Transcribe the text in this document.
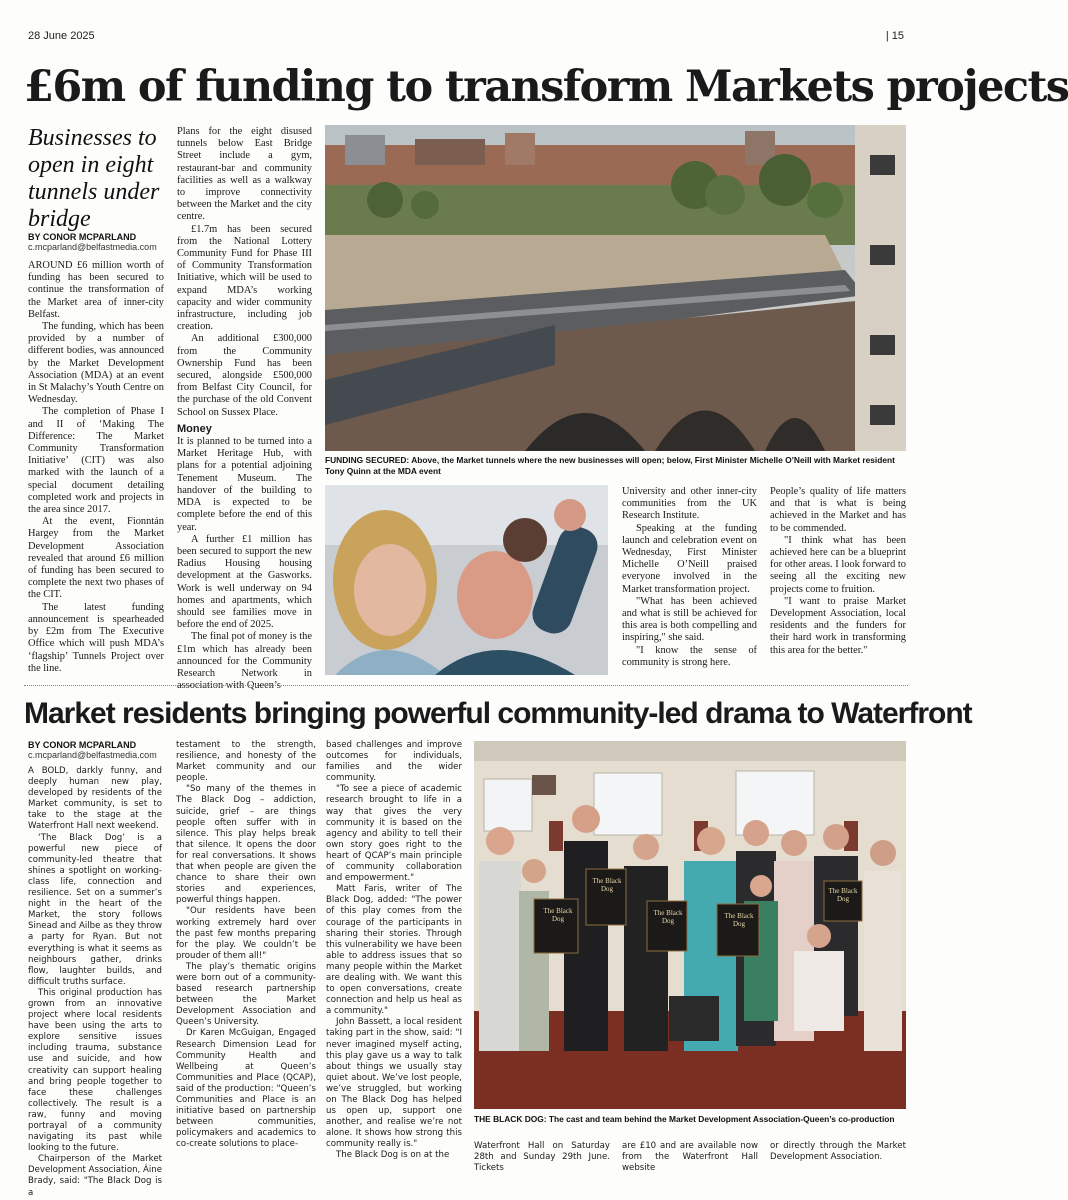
28 June 2025	| 15
£6m of funding to transform Markets projects
Businesses to open in eight tunnels under bridge
BY CONOR MCPARLAND
c.mcparland@belfastmedia.com

AROUND £6 million worth of funding has been secured to continue the transformation of the Market area of inner-city Belfast.

The funding, which has been provided by a number of different bodies, was announced by the Market Development Association (MDA) at an event in St Malachy’s Youth Centre on Wednesday.

The completion of Phase I and II of ‘Making The Difference: The Market Community Transformation Initiative’ (CIT) was also marked with the launch of a special document detailing completed work and projects in the area since 2017.

At the event, Fionntán Hargey from the Market Development Association revealed that around £6 million of funding has been secured to complete the next two phases of the CIT.

The latest funding announcement is spearheaded by £2m from The Executive Office which will push MDA’s ‘flagship’ Tunnels Project over the line.

Plans for the eight disused tunnels below East Bridge Street include a gym, restaurant-bar and community facilities as well as a walkway to improve connectivity between the Market and the city centre.

£1.7m has been secured from the National Lottery Community Fund for Phase III of Community Transformation Initiative, which will be used to expand MDA’s working capacity and wider community infrastructure, including job creation.

An additional £300,000 from the Community Ownership Fund has been secured, alongside £500,000 from Belfast City Council, for the purchase of the old Convent School on Sussex Place.

Money

It is planned to be turned into a Market Heritage Hub, with plans for a potential adjoining Tenement Museum. The handover of the building to MDA is expected to be complete before the end of this year.

A further £1 million has been secured to support the new Radius Housing housing development at the Gasworks. Work is well underway on 94 homes and apartments, which should see families move in before the end of 2025.

The final pot of money is the £1m which has already been announced for the Community Research Network in association with Queen’s

FUNDING SECURED: Above, the Market tunnels where the new businesses will open; below, First Minister Michelle O’Neill with Market resident Tony Quinn at the MDA event

University and other inner-city communities from the UK Research Institute.

Speaking at the funding launch and celebration event on Wednesday, First Minister Michelle O’Neill praised everyone involved in the Market transformation project.

"What has been achieved and what is still be achieved for this area is both compelling and inspiring," she said.

"I know the sense of community is strong here.

People’s quality of life matters and that is what is being achieved in the Market and has to be commended.

"I think what has been achieved here can be a blueprint for other areas. I look forward to seeing all the exciting new projects come to fruition.

"I want to praise Market Development Association, local residents and the funders for their hard work in transforming this area for the better."

Market residents bringing powerful community-led drama to Waterfront
BY CONOR MCPARLAND
c.mcparland@belfastmedia.com

A BOLD, darkly funny, and deeply human new play, developed by residents of the Market community, is set to take to the stage at the Waterfront Hall next weekend.

‘The Black Dog’ is a powerful new piece of community-led theatre that shines a spotlight on working-class life, connection and resilience. Set on a summer’s night in the heart of the Market, the story follows Sinead and Ailbe as they throw a party for Ryan. But not everything is what it seems as neighbours gather, drinks flow, laughter builds, and difficult truths surface.

This original production has grown from an innovative project where local residents have been using the arts to explore sensitive issues including trauma, substance use and suicide, and how creativity can support healing and bring people together to face these challenges collectively. The result is a raw, funny and moving portrayal of a community navigating its past while looking to the future.

Chairperson of the Market Development Association, Áine Brady, said: "The Black Dog is a

testament to the strength, resilience, and honesty of the Market community and our people.

"So many of the themes in The Black Dog – addiction, suicide, grief – are things people often suffer with in silence. This play helps break that silence. It opens the door for real conversations. It shows that when people are given the chance to share their own stories and experiences, powerful things happen.

"Our residents have been working extremely hard over the past few months preparing for the play. We couldn’t be prouder of them all!"

The play’s thematic origins were born out of a community-based research partnership between the Market Development Association and Queen’s University.

Dr Karen McGuigan, Engaged Research Dimension Lead for Community Health and Wellbeing at Queen’s Communities and Place (QCAP), said of the production: "Queen’s Communities and Place is an initiative based on partnership between communities, policymakers and academics to co-create solutions to place-

based challenges and improve outcomes for individuals, families and the wider community.

"To see a piece of academic research brought to life in a way that gives the very community it is based on the agency and ability to tell their own story goes right to the heart of QCAP’s main principle of community collaboration and empowerment."

Matt Faris, writer of The Black Dog, added: "The power of this play comes from the courage of the participants in sharing their stories. Through this vulnerability we have been able to address issues that so many people within the Market are dealing with. We want this to open conversations, create connection and help us heal as a community."

John Bassett, a local resident taking part in the show, said: "I never imagined myself acting, this play gave us a way to talk about things we usually stay quiet about. We’ve lost people, we’ve struggled, but working on The Black Dog has helped us open up, support one another, and realise we’re not alone. It shows how strong this community really is."

The Black Dog is on at the

The Black Dog
The Black Dog
The Black Dog
The Black Dog
The Black Dog
THE BLACK DOG: The cast and team behind the Market Development Association-Queen’s co-production

Waterfront Hall on Saturday 28th and Sunday 29th June. Tickets

are £10 and are available now from the Waterfront Hall website

or directly through the Market Development Association.
